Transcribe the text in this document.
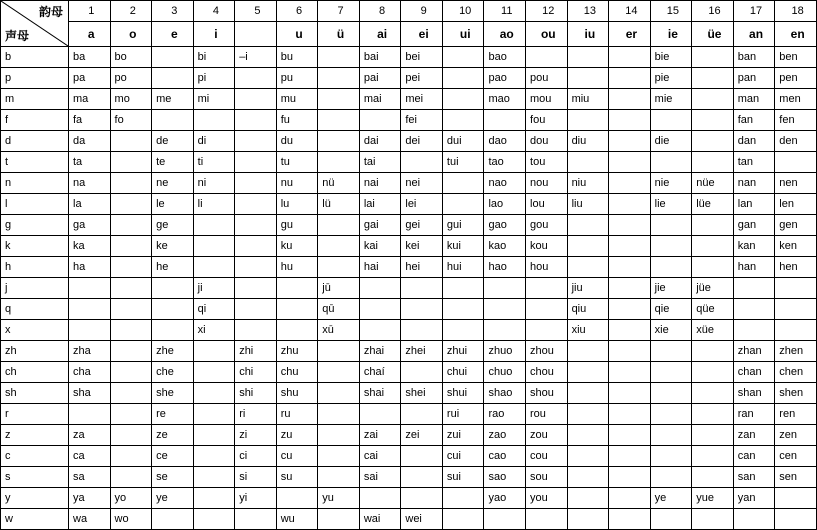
韵母
声母	1	2	3	4	5	6	7	8	9	10	11	12	13	14	15	16	17	18
	a	o	e	i		u	ü	ai	ei	ui	ao	ou	iu	er	ie	üe	an	en
b	ba	bo		bi	–i	bu		bai	bei		bao				bie		ban	ben
p	pa	po		pi		pu		pai	pei		pao	pou			pie		pan	pen
m	ma	mo	me	mi		mu		mai	mei		mao	mou	miu		mie		man	men
f	fa	fo				fu			fei			fou					fan	fen
d	da		de	di		du		dai	dei	dui	dao	dou	diu		die		dan	den
t	ta		te	ti		tu		tai		tui	tao	tou					tan	
n	na		ne	ni		nu	nü	nai	nei		nao	nou	niu		nie	nüe	nan	nen
l	la		le	li		lu	lü	lai	lei		lao	lou	liu		lie	lüe	lan	len
g	ga		ge			gu		gai	gei	gui	gao	gou					gan	gen
k	ka		ke			ku		kai	kei	kui	kao	kou					kan	ken
h	ha		he			hu		hai	hei	hui	hao	hou					han	hen
j				ji			jū						jiu		jie	jüe		
q				qi			qū						qiu		qie	qüe		
x				xi			xū						xiu		xie	xüe		
zh	zha		zhe		zhi	zhu		zhai	zhei	zhui	zhuo	zhou					zhan	zhen
ch	cha		che		chi	chu		chaí		chui	chuo	chou					chan	chen
sh	sha		she		shi	shu		shai	shei	shui	shao	shou					shan	shen
r			re		ri	ru				rui	rao	rou					ran	ren
z	za		ze		zi	zu		zai	zei	zui	zao	zou					zan	zen
c	ca		ce		ci	cu		cai		cui	cao	cou					can	cen
s	sa		se		si	su		sai		sui	sao	sou					san	sen
y	ya	yo	ye		yi		yu				yao	you			ye	yue	yan	
w	wa	wo				wu		wai	wei									
